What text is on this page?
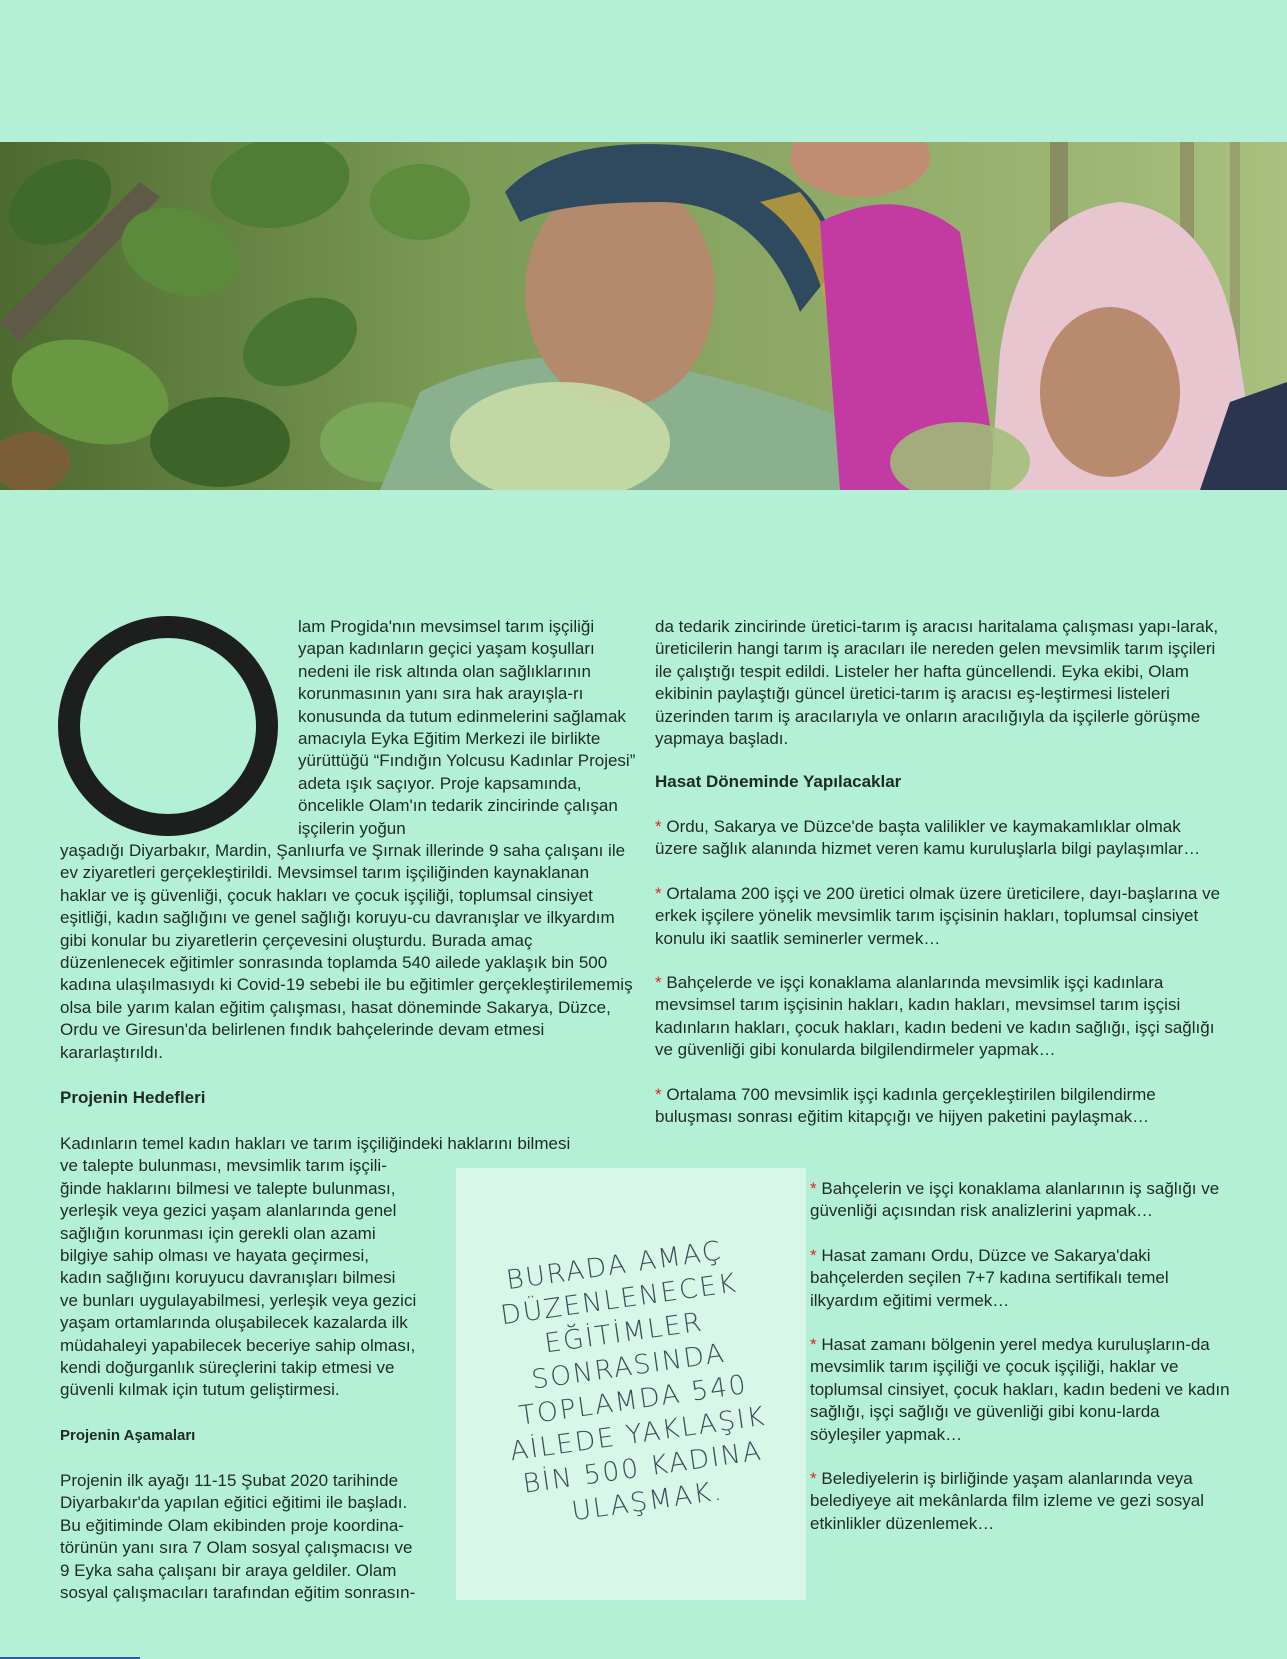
lam Progida'nın mevsimsel tarım işçiliği yapan kadınların geçici yaşam koşulları nedeni ile risk altında olan sağlıklarının korunmasının yanı sıra hak arayışla-rı konusunda da tutum edinmelerini sağlamak amacıyla Eyka Eğitim Merkezi ile birlikte yürüttüğü “Fındığın Yolcusu Kadınlar Projesi” adeta ışık saçıyor. Proje kapsamında, öncelikle Olam'ın tedarik zincirinde çalışan işçilerin yoğun

yaşadığı Diyarbakır, Mardin, Şanlıurfa ve Şırnak illerinde 9 saha çalışanı ile ev ziyaretleri gerçekleştirildi. Mevsimsel tarım işçiliğinden kaynaklanan haklar ve iş güvenliği, çocuk hakları ve çocuk işçiliği, toplumsal cinsiyet eşitliği, kadın sağlığını ve genel sağlığı koruyu-cu davranışlar ve ilkyardım gibi konular bu ziyaretlerin çerçevesini oluşturdu. Burada amaç düzenlenecek eğitimler sonrasında toplamda 540 ailede yaklaşık bin 500 kadına ulaşılmasıydı ki Covid-19 sebebi ile bu eğitimler gerçekleştirilememiş olsa bile yarım kalan eğitim çalışması, hasat döneminde Sakarya, Düzce, Ordu ve Giresun'da belirlenen fındık bahçelerinde devam etmesi kararlaştırıldı.

Projenin Hedefleri
Kadınların temel kadın hakları ve tarım işçiliğindeki haklarını bilmesi
ve talepte bulunması, mevsimlik tarım işçili-
ğinde haklarını bilmesi ve talepte bulunması,
yerleşik veya gezici yaşam alanlarında genel
sağlığın korunması için gerekli olan azami
bilgiye sahip olması ve hayata geçirmesi,
kadın sağlığını koruyucu davranışları bilmesi
ve bunları uygulayabilmesi, yerleşik veya gezici
yaşam ortamlarında oluşabilecek kazalarda ilk
müdahaleyi yapabilecek beceriye sahip olması,
kendi doğurganlık süreçlerini takip etmesi ve
güvenli kılmak için tutum geliştirmesi.
Projenin Aşamaları
Projenin ilk ayağı 11-15 Şubat 2020 tarihinde
Diyarbakır'da yapılan eğitici eğitimi ile başladı.
Bu eğitiminde Olam ekibinden proje koordina-
törünün yanı sıra 7 Olam sosyal çalışmacısı ve
9 Eyka saha çalışanı bir araya geldiler. Olam
sosyal çalışmacıları tarafından eğitim sonrasın-

da tedarik zincirinde üretici-tarım iş aracısı haritalama çalışması yapı-larak, üreticilerin hangi tarım iş aracıları ile nereden gelen mevsimlik tarım işçileri ile çalıştığı tespit edildi. Listeler her hafta güncellendi. Eyka ekibi, Olam ekibinin paylaştığı güncel üretici-tarım iş aracısı eş-leştirmesi listeleri üzerinden tarım iş aracılarıyla ve onların aracılığıyla da işçilerle görüşme yapmaya başladı.

Hasat Döneminde Yapılacaklar
* Ordu, Sakarya ve Düzce'de başta valilikler ve kaymakamlıklar olmak üzere sağlık alanında hizmet veren kamu kuruluşlarla bilgi paylaşımlar…
* Ortalama 200 işçi ve 200 üretici olmak üzere üreticilere, dayı-başlarına ve erkek işçilere yönelik mevsimlik tarım işçisinin hakları, toplumsal cinsiyet konulu iki saatlik seminerler vermek…
* Bahçelerde ve işçi konaklama alanlarında mevsimlik işçi kadınlara mevsimsel tarım işçisinin hakları, kadın hakları, mevsimsel tarım işçisi kadınların hakları, çocuk hakları, kadın bedeni ve kadın sağlığı, işçi sağlığı ve güvenliği gibi konularda bilgilendirmeler yapmak…
* Ortalama 700 mevsimlik işçi kadınla gerçekleştirilen bilgilendirme buluşması sonrası eğitim kitapçığı ve hijyen paketini paylaşmak…
* Bahçelerin ve işçi konaklama alanlarının iş sağlığı ve güvenliği açısından risk analizlerini yapmak…
* Hasat zamanı Ordu, Düzce ve Sakarya'daki bahçelerden seçilen 7+7 kadına sertifikalı temel ilkyardım eğitimi vermek…
* Hasat zamanı bölgenin yerel medya kuruluşların-da mevsimlik tarım işçiliği ve çocuk işçiliği, haklar ve toplumsal cinsiyet, çocuk hakları, kadın bedeni ve kadın sağlığı, işçi sağlığı ve güvenliği gibi konu-larda söyleşiler yapmak…
* Belediyelerin iş birliğinde yaşam alanlarında veya belediyeye ait mekânlarda film izleme ve gezi sosyal etkinlikler düzenlemek…
BURADA AMAÇ DÜZENLENECEK EĞİTİMLER SONRASINDA TOPLAMDA 540 AİLEDE YAKLAŞIK BİN 500 KADINA ULAŞMAK.
